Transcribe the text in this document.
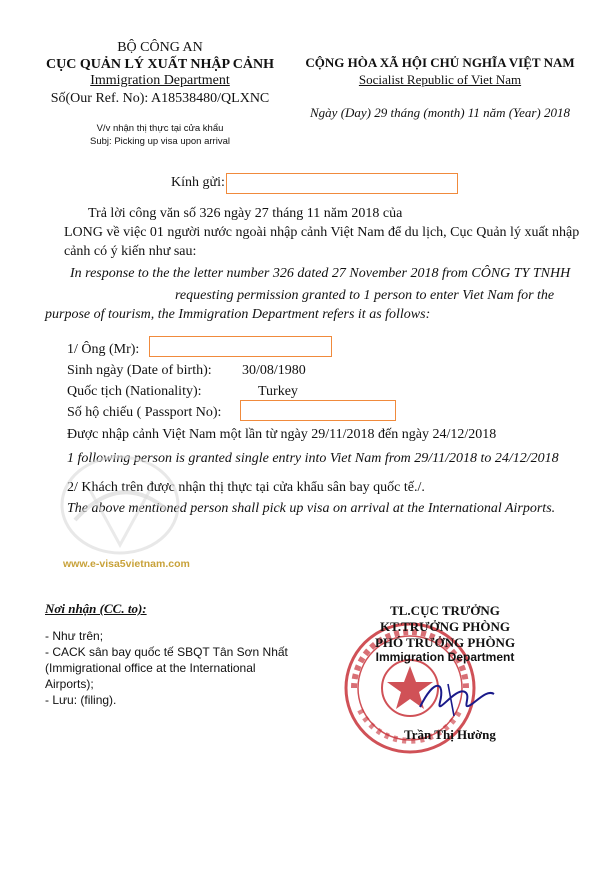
BỘ CÔNG AN
CỤC QUẢN LÝ XUẤT NHẬP CẢNH
Immigration Department
Số(Our Ref. No): A18538480/QLXNC
V/v nhận thị thực tại cửa khẩu
Subj: Picking up visa upon arrival
CỘNG HÒA XÃ HỘI CHỦ NGHĨA VIỆT NAM
Socialist Republic of Viet Nam
Ngày (Day) 29 tháng (month) 11 năm (Year) 2018
Kính gửi:
Trả lời công văn số 326 ngày 27 tháng 11 năm 2018 của
LONG về việc 01 người nước ngoài nhập cảnh Việt Nam để du lịch, Cục Quản lý xuất nhập
cảnh có ý kiến như sau:
In response to the the letter number 326 dated 27 November 2018 from CÔNG TY TNHH
requesting permission granted to 1 person to enter Viet Nam for the
purpose of tourism, the Immigration Department refers it as follows:
1/ Ông (Mr):
Sinh ngày (Date of birth): 30/08/1980
Quốc tịch (Nationality):	Turkey
Số hộ chiếu ( Passport No):
Được nhập cảnh Việt Nam một lần từ ngày 29/11/2018 đến ngày 24/12/2018
1 following person is granted single entry into Viet Nam from 29/11/2018 to 24/12/2018
2/ Khách trên được nhận thị thực tại cửa khẩu sân bay quốc tế./.
The above mentioned person shall pick up visa on arrival at the International Airports.
www.e-visa5vietnam.com
Nơi nhận (CC. to):
- Như trên;
- CACK sân bay quốc tế SBQT Tân Sơn Nhất
(Immigrational office at the International
Airports);
- Lưu: (filing).
TL.CỤC TRƯỞNG
KT.TRƯỞNG PHÒNG
PHÓ TRƯỞNG PHÒNG
Immigration Department
Trần Thị Hường
